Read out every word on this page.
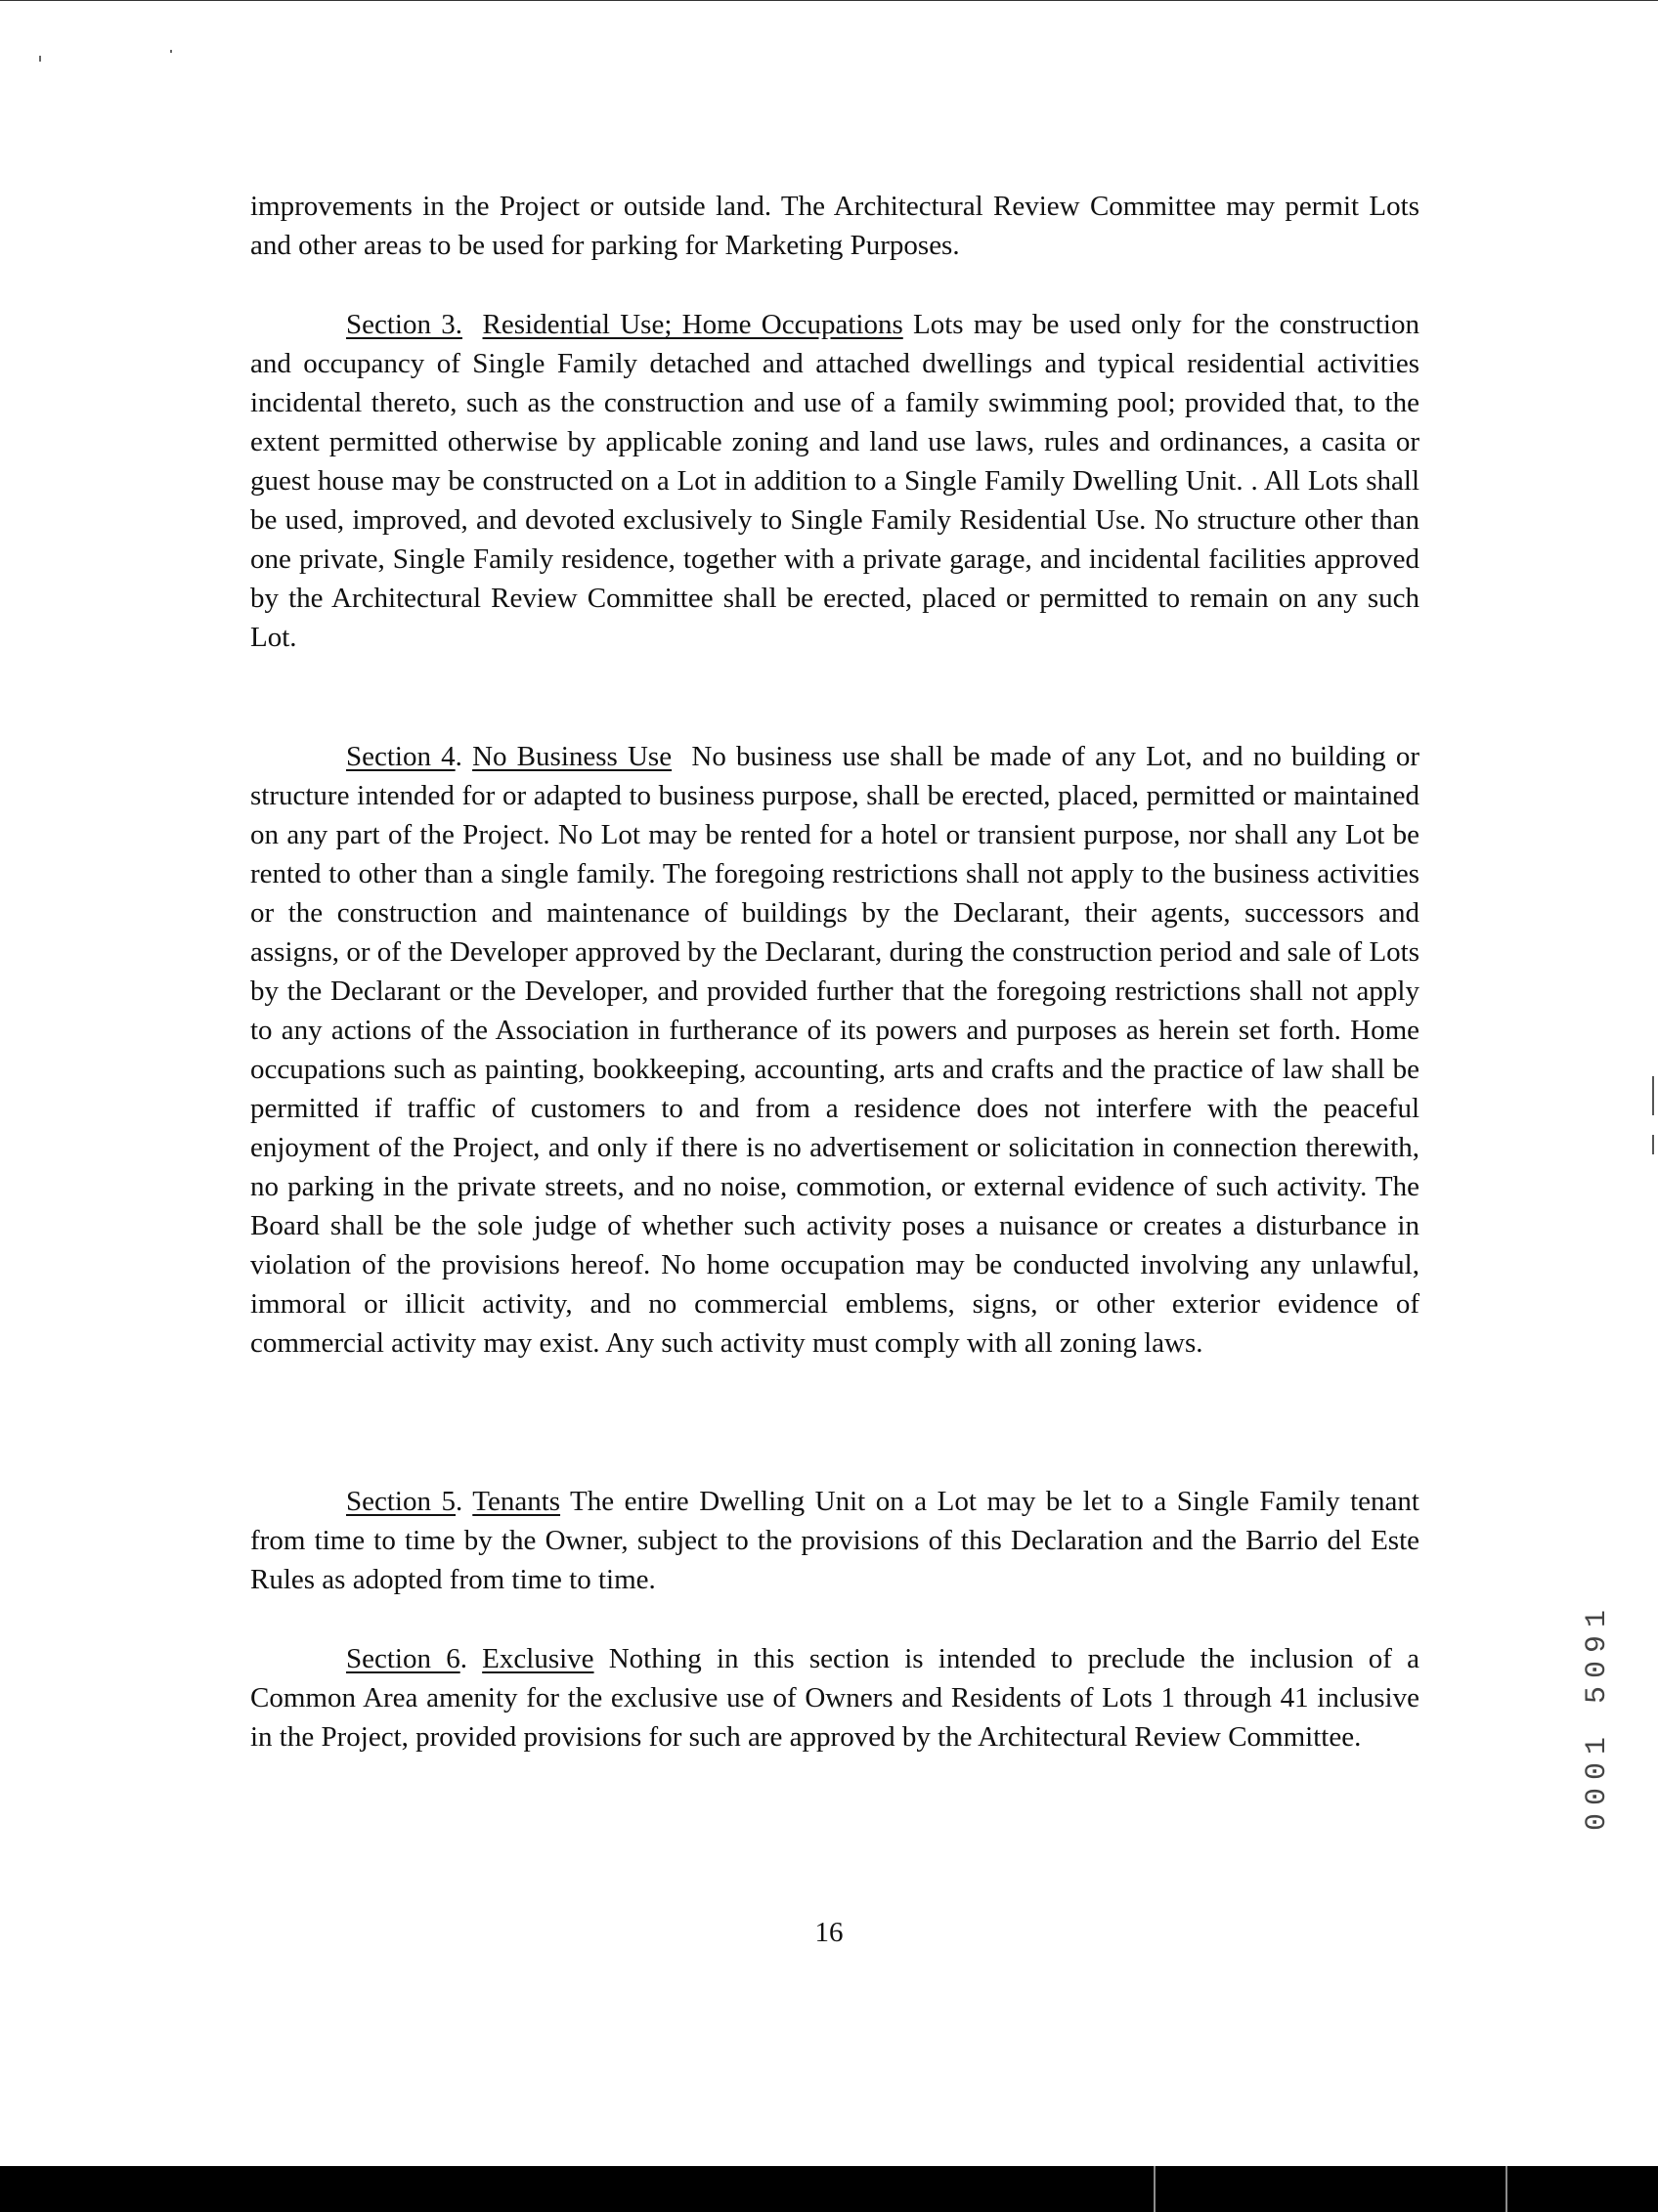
improvements in the Project or outside land. The Architectural Review Committee may permit Lots and other areas to be used for parking for Marketing Purposes.

Section 3. Residential Use; Home Occupations Lots may be used only for the construction and occupancy of Single Family detached and attached dwellings and typical residential activities incidental thereto, such as the construction and use of a family swimming pool; provided that, to the extent permitted otherwise by applicable zoning and land use laws, rules and ordinances, a casita or guest house may be constructed on a Lot in addition to a Single Family Dwelling Unit. . All Lots shall be used, improved, and devoted exclusively to Single Family Residential Use. No structure other than one private, Single Family residence, together with a private garage, and incidental facilities approved by the Architectural Review Committee shall be erected, placed or permitted to remain on any such Lot.

Section 4. No Business Use  No business use shall be made of any Lot, and no building or structure intended for or adapted to business purpose, shall be erected, placed, permitted or maintained on any part of the Project. No Lot may be rented for a hotel or transient purpose, nor shall any Lot be rented to other than a single family. The foregoing restrictions shall not apply to the business activities or the construction and maintenance of buildings by the Declarant, their agents, successors and assigns, or of the Developer approved by the Declarant, during the construction period and sale of Lots by the Declarant or the Developer, and provided further that the foregoing restrictions shall not apply to any actions of the Association in furtherance of its powers and purposes as herein set forth. Home occupations such as painting, bookkeeping, accounting, arts and crafts and the practice of law shall be permitted if traffic of customers to and from a residence does not interfere with the peaceful enjoyment of the Project, and only if there is no advertisement or solicitation in connection therewith, no parking in the private streets, and no noise, commotion, or external evidence of such activity. The Board shall be the sole judge of whether such activity poses a nuisance or creates a disturbance in violation of the provisions hereof. No home occupation may be conducted involving any unlawful, immoral or illicit activity, and no commercial emblems, signs, or other exterior evidence of commercial activity may exist. Any such activity must comply with all zoning laws.

Section 5. Tenants The entire Dwelling Unit on a Lot may be let to a Single Family tenant from time to time by the Owner, subject to the provisions of this Declaration and the Barrio del Este Rules as adopted from time to time.

Section 6. Exclusive Nothing in this section is intended to preclude the inclusion of a Common Area amenity for the exclusive use of Owners and Residents of Lots 1 through 41 inclusive in the Project, provided provisions for such are approved by the Architectural Review Committee.

16

0001 5091
